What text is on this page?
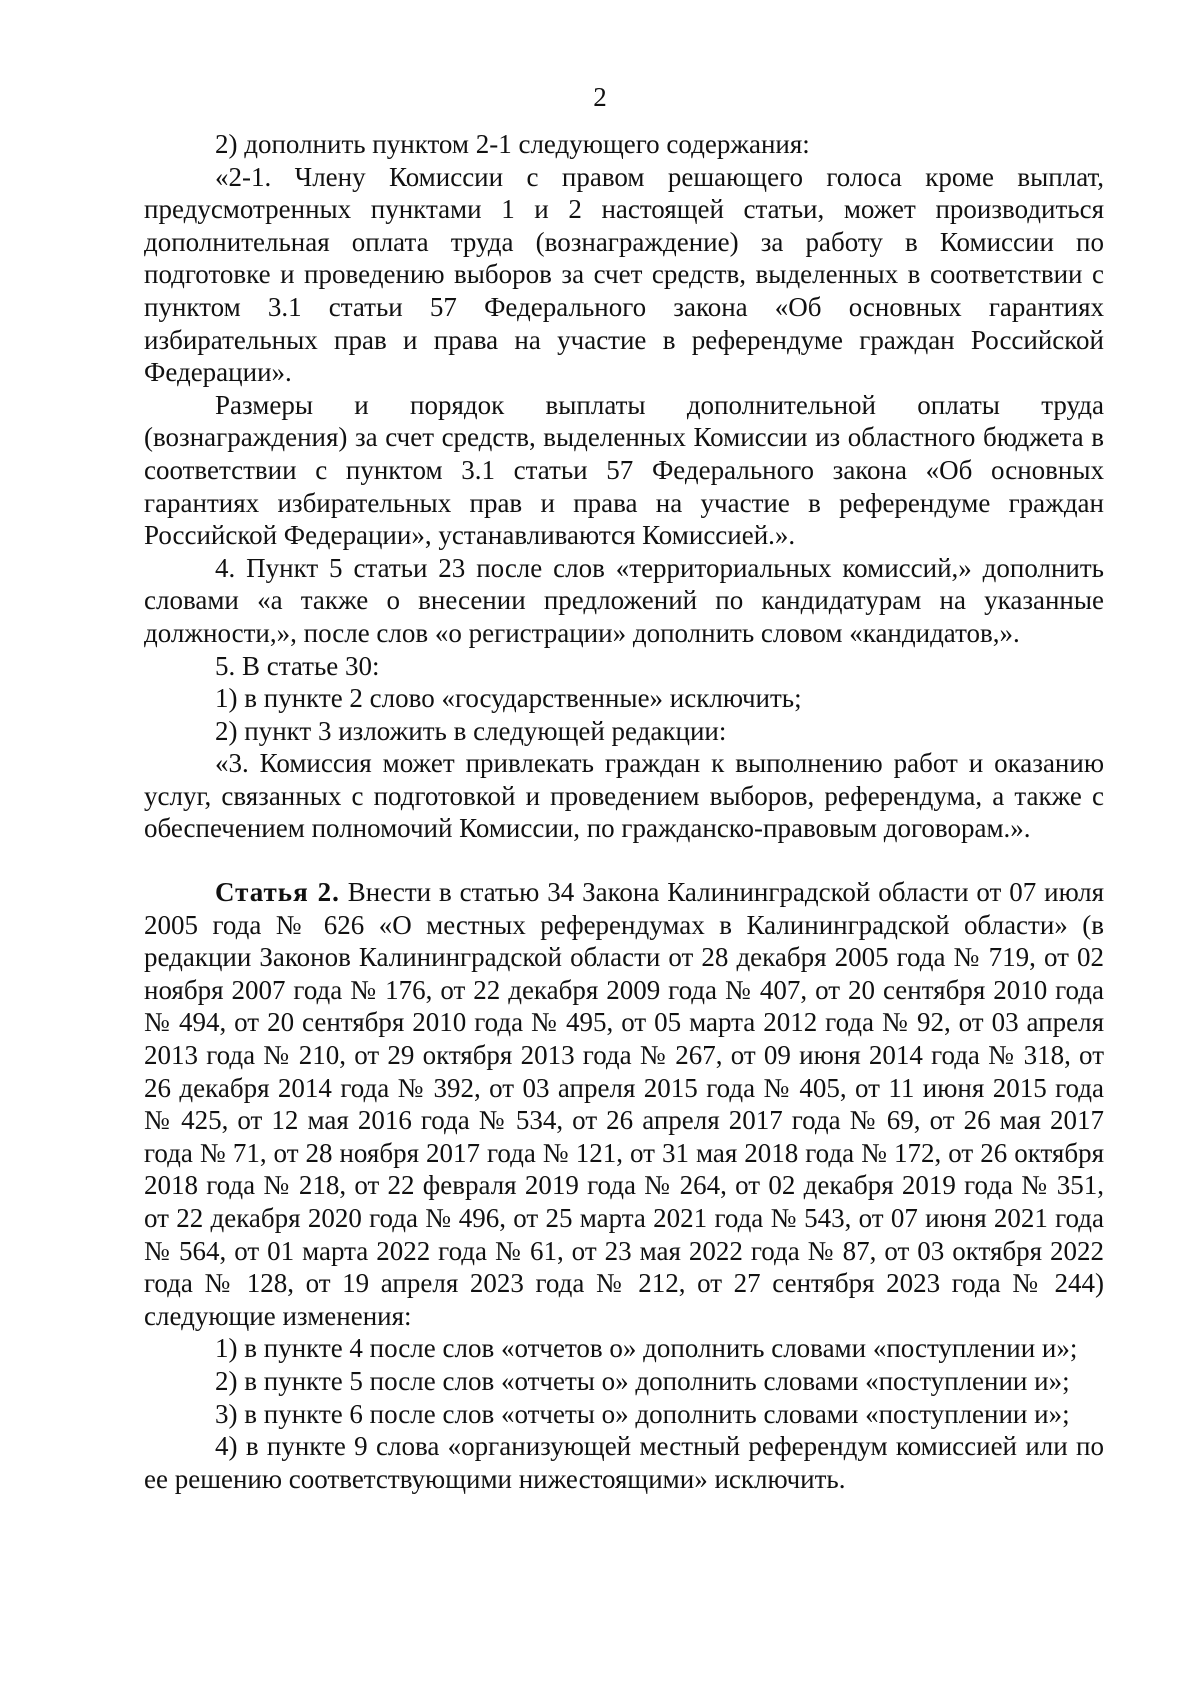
2

2) дополнить пунктом 2-1 следующего содержания:

«2-1. Члену Комиссии с правом решающего голоса кроме выплат, предусмотренных пунктами 1 и 2 настоящей статьи, может производиться дополнительная оплата труда (вознаграждение) за работу в Комиссии по подготовке и проведению выборов за счет средств, выделенных в соответствии с пунктом 3.1 статьи 57 Федерального закона «Об основных гарантиях избирательных прав и права на участие в референдуме граждан Российской Федерации».

Размеры и порядок выплаты дополнительной оплаты труда (вознаграждения) за счет средств, выделенных Комиссии из областного бюджета в соответствии с пунктом 3.1 статьи 57 Федерального закона «Об основных гарантиях избирательных прав и права на участие в референдуме граждан Российской Федерации», устанавливаются Комиссией.».

4. Пункт 5 статьи 23 после слов «территориальных комиссий,» дополнить словами «а также о внесении предложений по кандидатурам на указанные должности,», после слов «о регистрации» дополнить словом «кандидатов,».

5. В статье 30:

1) в пункте 2 слово «государственные» исключить;

2) пункт 3 изложить в следующей редакции:

«3. Комиссия может привлекать граждан к выполнению работ и оказанию услуг, связанных с подготовкой и проведением выборов, референдума, а также с обеспечением полномочий Комиссии, по гражданско-правовым договорам.».

Статья 2. Внести в статью 34 Закона Калининградской области от 07 июля 2005 года № 626 «О местных референдумах в Калининградской области» (в редакции Законов Калининградской области от 28 декабря 2005 года № 719, от 02 ноября 2007 года № 176, от 22 декабря 2009 года № 407, от 20 сентября 2010 года № 494, от 20 сентября 2010 года № 495, от 05 марта 2012 года № 92, от 03 апреля 2013 года № 210, от 29 октября 2013 года № 267, от 09 июня 2014 года № 318, от 26 декабря 2014 года № 392, от 03 апреля 2015 года № 405, от 11 июня 2015 года № 425, от 12 мая 2016 года № 534, от 26 апреля 2017 года № 69, от 26 мая 2017 года № 71, от 28 ноября 2017 года № 121, от 31 мая 2018 года № 172, от 26 октября 2018 года № 218, от 22 февраля 2019 года № 264, от 02 декабря 2019 года № 351, от 22 декабря 2020 года № 496, от 25 марта 2021 года № 543, от 07 июня 2021 года № 564, от 01 марта 2022 года № 61, от 23 мая 2022 года № 87, от 03 октября 2022 года № 128, от 19 апреля 2023 года № 212, от 27 сентября 2023 года № 244) следующие изменения:

1) в пункте 4 после слов «отчетов о» дополнить словами «поступлении и»;

2) в пункте 5 после слов «отчеты о» дополнить словами «поступлении и»;

3) в пункте 6 после слов «отчеты о» дополнить словами «поступлении и»;

4) в пункте 9 слова «организующей местный референдум комиссией или по ее решению соответствующими нижестоящими» исключить.
